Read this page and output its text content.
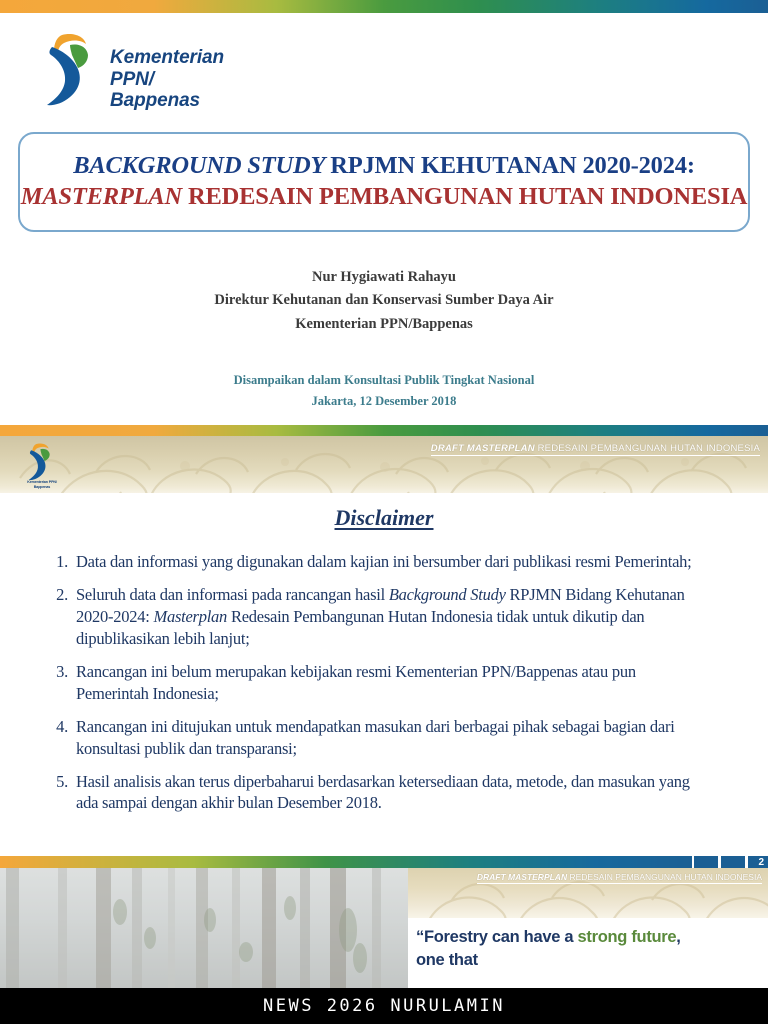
Kementerian PPN/
Bappenas
BACKGROUND STUDY RPJMN KEHUTANAN 2020-2024:
MASTERPLAN REDESAIN PEMBANGUNAN HUTAN INDONESIA
Nur Hygiawati Rahayu
Direktur Kehutanan dan Konservasi Sumber Daya Air
Kementerian PPN/Bappenas
Disampaikan dalam Konsultasi Publik Tingkat Nasional
Jakarta, 12 Desember 2018
Kementerian PPN/
Bappenas
DRAFT MASTERPLAN REDESAIN PEMBANGUNAN HUTAN INDONESIA
Disclaimer
1. Data dan informasi yang digunakan dalam kajian ini bersumber dari publikasi resmi Pemerintah;
2. Seluruh data dan informasi pada rancangan hasil Background Study RPJMN Bidang Kehutanan 2020-2024: Masterplan Redesain Pembangunan Hutan Indonesia tidak untuk dikutip dan dipublikasikan lebih lanjut;
3. Rancangan ini belum merupakan kebijakan resmi Kementerian PPN/Bappenas atau pun Pemerintah Indonesia;
4. Rancangan ini ditujukan untuk mendapatkan masukan dari berbagai pihak sebagai bagian dari konsultasi publik dan transparansi;
5. Hasil analisis akan terus diperbaharui berdasarkan ketersediaan data, metode, dan masukan yang ada sampai dengan akhir bulan Desember 2018.
2
DRAFT MASTERPLAN REDESAIN PEMBANGUNAN HUTAN INDONESIA
“Forestry can have a strong future,
one that
NEWS 2026 NURULAMIN
